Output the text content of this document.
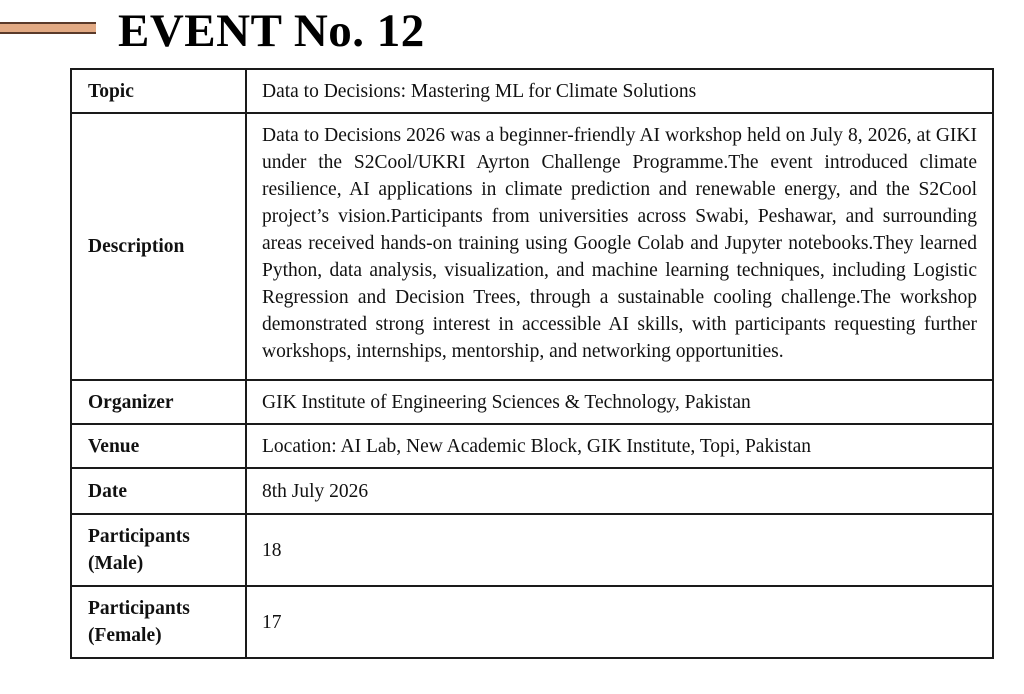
EVENT No. 12
Topic	Data to Decisions: Mastering ML for Climate Solutions
Description	Data to Decisions 2026 was a beginner-friendly AI workshop held on July 8, 2026, at GIKI under the S2Cool/UKRI Ayrton Challenge Programme.The event introduced climate resilience, AI applications in climate prediction and renewable energy, and the S2Cool project’s vision.Participants from universities across Swabi, Peshawar, and surrounding areas received hands-on training using Google Colab and Jupyter notebooks.They learned Python, data analysis, visualization, and machine learning techniques, including Logistic Regression and Decision Trees, through a sustainable cooling challenge.The workshop demonstrated strong interest in accessible AI skills, with participants requesting further workshops, internships, mentorship, and networking opportunities.
Organizer	GIK Institute of Engineering Sciences & Technology, Pakistan
Venue	Location: AI Lab, New Academic Block, GIK Institute, Topi, Pakistan
Date	8th July 2026
Participants
(Male)	18
Participants
(Female)	17
